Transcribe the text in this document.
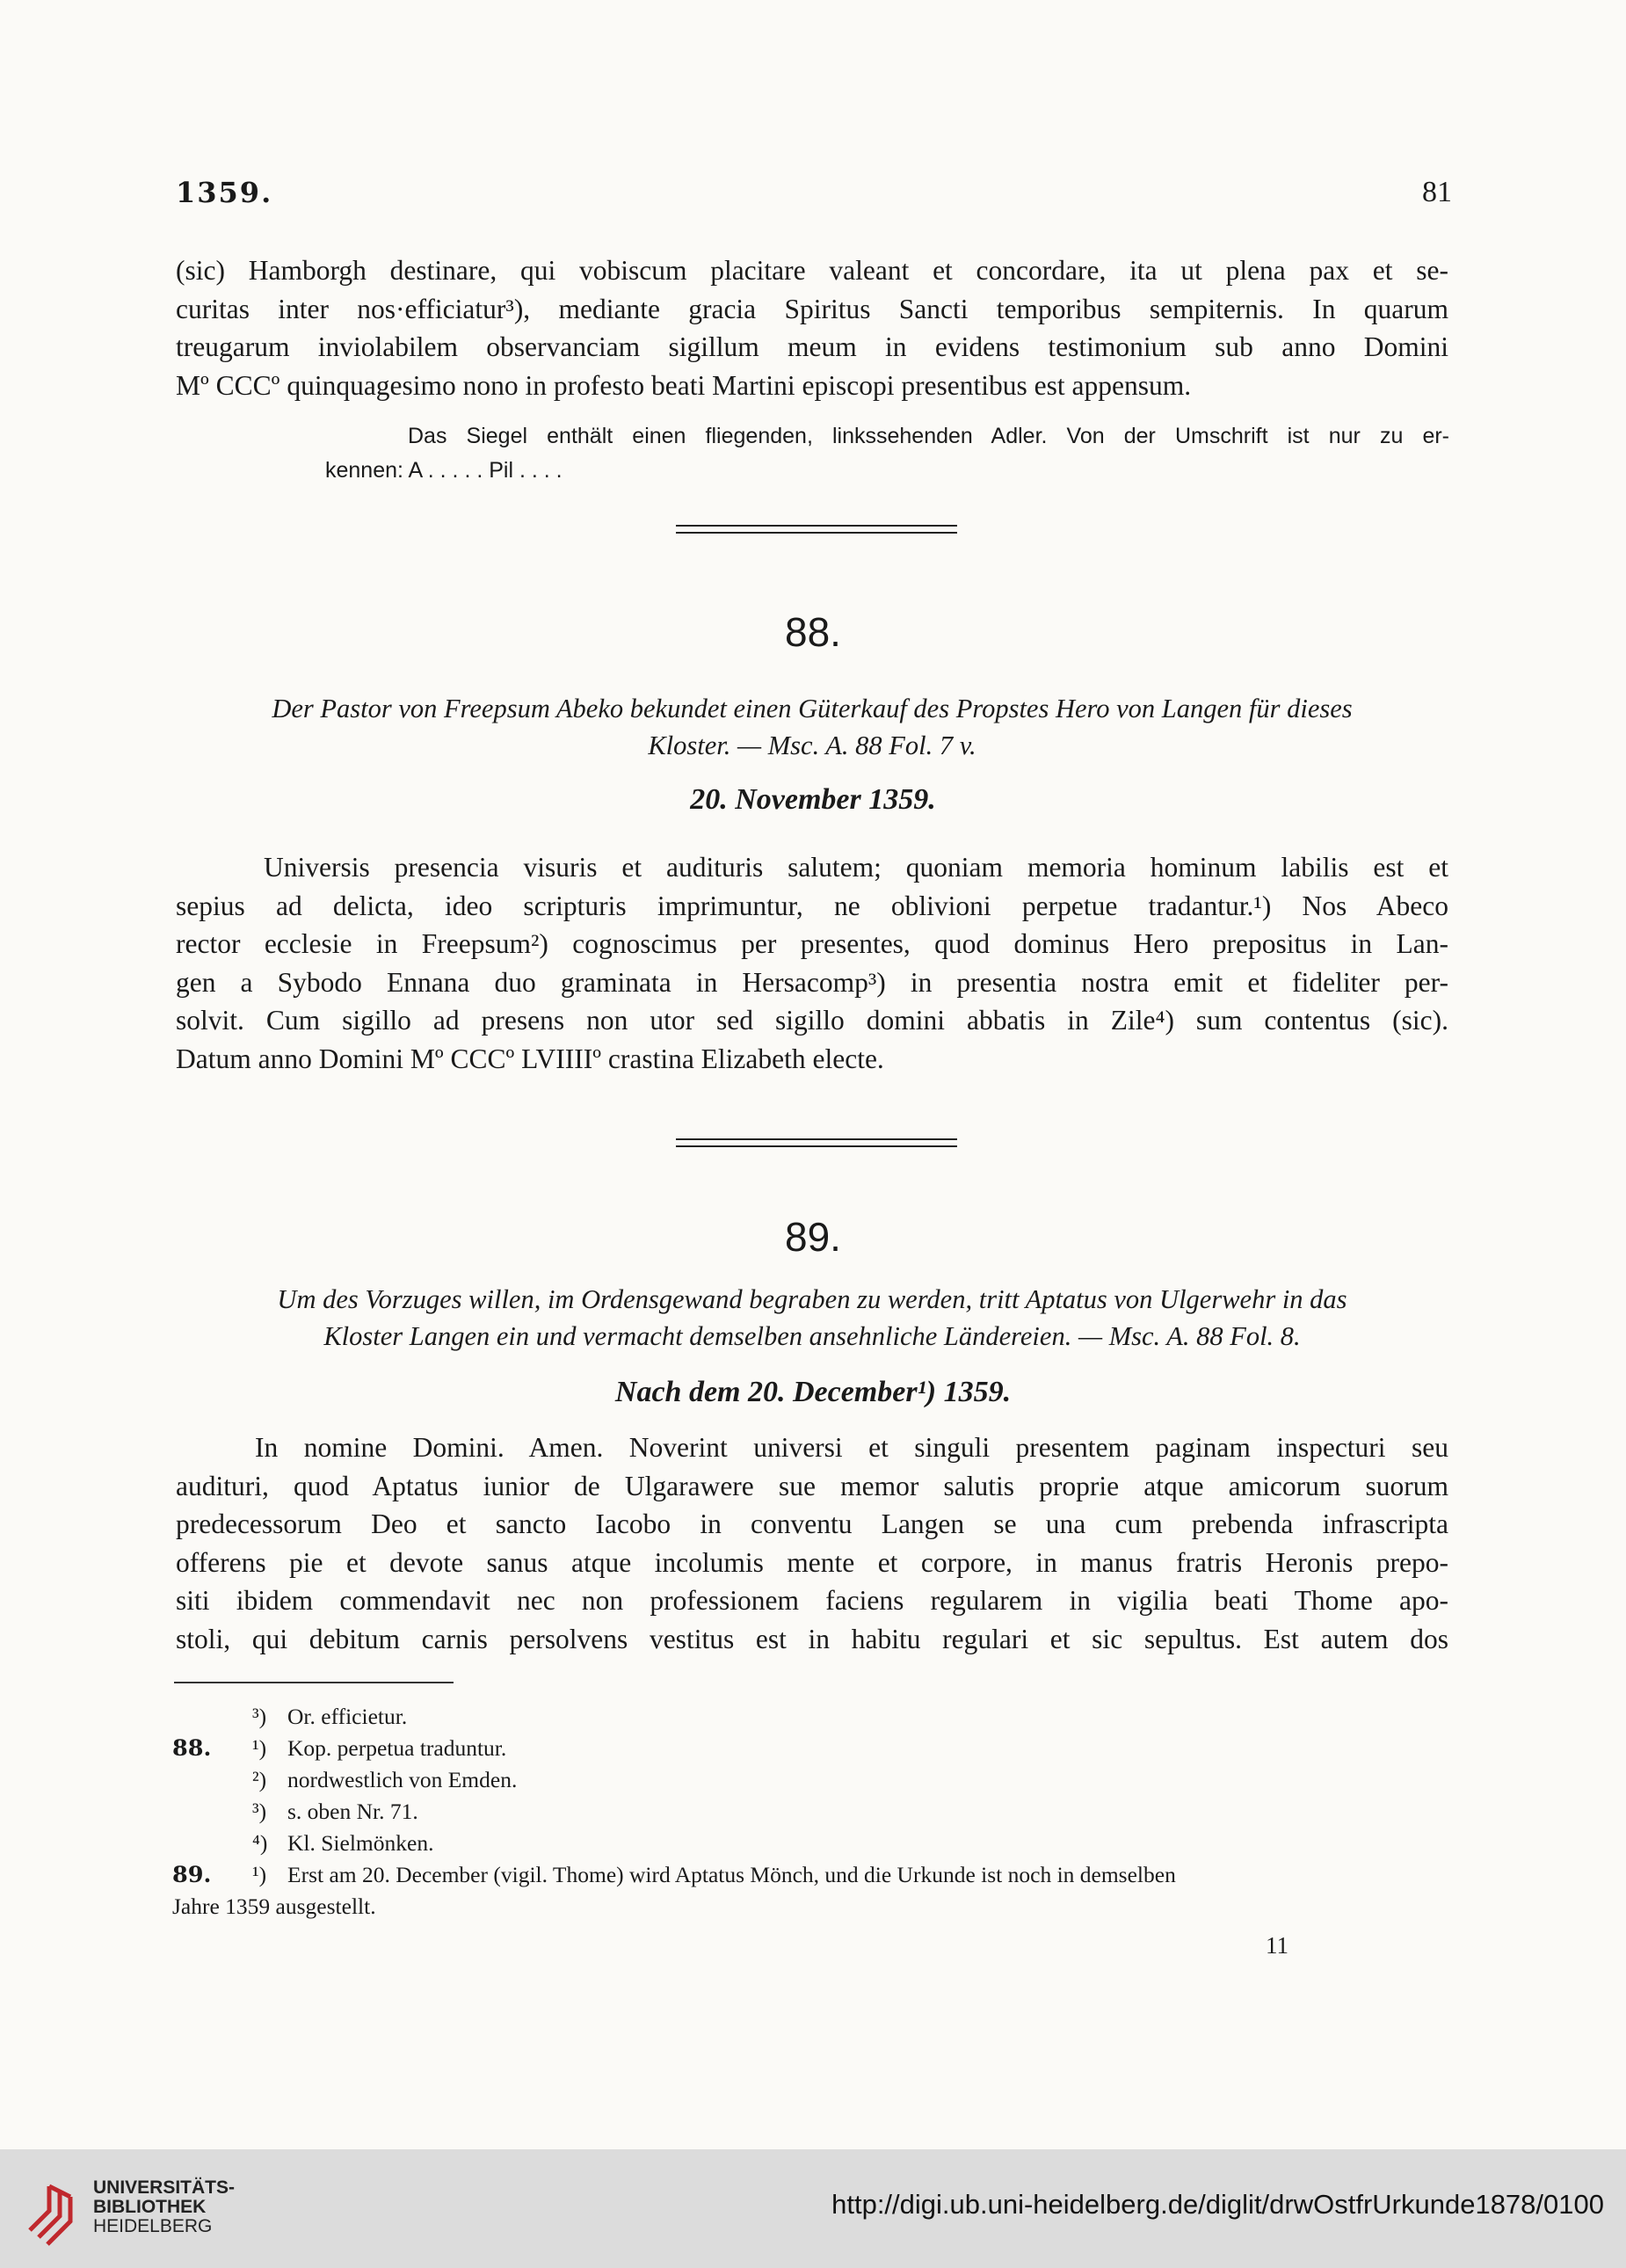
1359.	81
(sic) Hamborgh destinare, qui vobiscum placitare valeant et concordare, ita ut plena pax et se-
curitas inter nos·efficiatur³), mediante gracia Spiritus Sancti temporibus sempiternis. In quarum
treugarum inviolabilem observanciam sigillum meum in evidens testimonium sub anno Domini
Mº CCCº quinquagesimo nono in profesto beati Martini episcopi presentibus est appensum.
Das Siegel enthält einen fliegenden, linkssehenden Adler. Von der Umschrift ist nur zu er-
kennen: A . . . . . Pil . . . .
88.
Der Pastor von Freepsum Abeko bekundet einen Güterkauf des Propstes Hero von Langen für dieses
Kloster. — Msc. A. 88 Fol. 7 v.
20. November 1359.
Universis presencia visuris et audituris salutem; quoniam memoria hominum labilis est et
sepius ad delicta, ideo scripturis imprimuntur, ne oblivioni perpetue tradantur.¹) Nos Abeco
rector ecclesie in Freepsum²) cognoscimus per presentes, quod dominus Hero prepositus in Lan-
gen a Sybodo Ennana duo graminata in Hersacomp³) in presentia nostra emit et fideliter per-
solvit. Cum sigillo ad presens non utor sed sigillo domini abbatis in Zile⁴) sum contentus (sic).
Datum anno Domini Mº CCCº LVIIIIº crastina Elizabeth electe.
89.
Um des Vorzuges willen, im Ordensgewand begraben zu werden, tritt Aptatus von Ulgerwehr in das
Kloster Langen ein und vermacht demselben ansehnliche Ländereien. — Msc. A. 88 Fol. 8.
Nach dem 20. December¹) 1359.
In nomine Domini. Amen. Noverint universi et singuli presentem paginam inspecturi seu
audituri, quod Aptatus iunior de Ulgarawere sue memor salutis proprie atque amicorum suorum
predecessorum Deo et sancto Iacobo in conventu Langen se una cum prebenda infrascripta
offerens pie et devote sanus atque incolumis mente et corpore, in manus fratris Heronis prepo-
siti ibidem commendavit nec non professionem faciens regularem in vigilia beati Thome apo-
stoli, qui debitum carnis persolvens vestitus est in habitu regulari et sic sepultus. Est autem dos
³) Or. efficietur.
88. ¹) Kop. perpetua traduntur.
²) nordwestlich von Emden.
³) s. oben Nr. 71.
⁴) Kl. Sielmönken.
89. ¹) Erst am 20. December (vigil. Thome) wird Aptatus Mönch, und die Urkunde ist noch in demselben
Jahre 1359 ausgestellt.
11
UNIVERSITÄTS-
BIBLIOTHEK
HEIDELBERG
http://digi.ub.uni-heidelberg.de/diglit/drwOstfrUrkunde1878/0100
